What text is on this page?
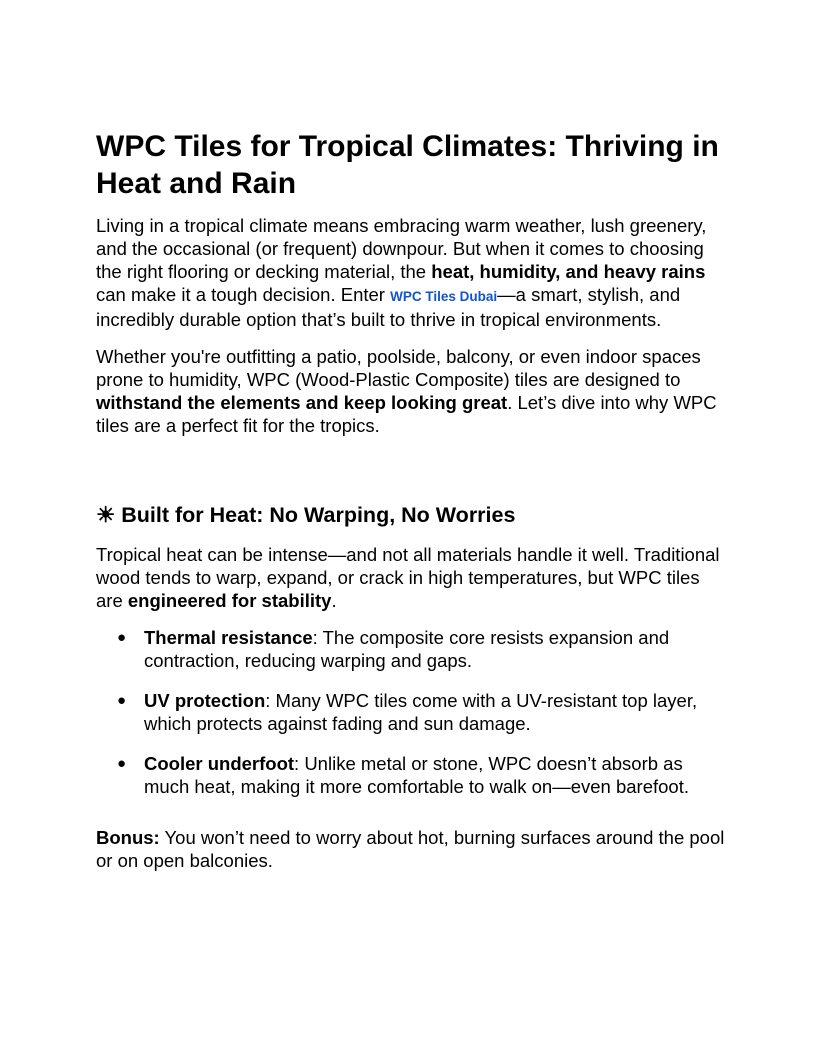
WPC Tiles for Tropical Climates: Thriving in Heat and Rain

Living in a tropical climate means embracing warm weather, lush greenery, and the occasional (or frequent) downpour. But when it comes to choosing the right flooring or decking material, the heat, humidity, and heavy rains can make it a tough decision. Enter WPC Tiles Dubai—a smart, stylish, and incredibly durable option that’s built to thrive in tropical environments.

Whether you're outfitting a patio, poolside, balcony, or even indoor spaces prone to humidity, WPC (Wood-Plastic Composite) tiles are designed to withstand the elements and keep looking great. Let’s dive into why WPC tiles are a perfect fit for the tropics.

☀ Built for Heat: No Warping, No Worries

Tropical heat can be intense—and not all materials handle it well. Traditional wood tends to warp, expand, or crack in high temperatures, but WPC tiles are engineered for stability.

● Thermal resistance: The composite core resists expansion and contraction, reducing warping and gaps.
● UV protection: Many WPC tiles come with a UV-resistant top layer, which protects against fading and sun damage.
● Cooler underfoot: Unlike metal or stone, WPC doesn’t absorb as much heat, making it more comfortable to walk on—even barefoot.

Bonus: You won’t need to worry about hot, burning surfaces around the pool or on open balconies.
